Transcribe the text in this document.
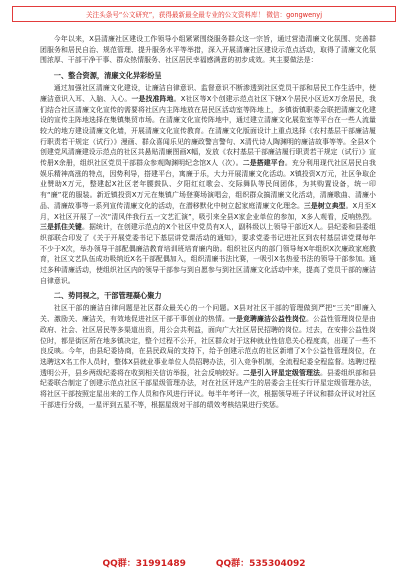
关注头条号“公文研究”，获得最新最全最专业的公文资料库！ 微信：gongwenyj

今年以来，X县清廉社区建设工作领导小组紧紧围绕服务群众这一宗旨，通过营造清廉文化氛围、完善群团服务和居民自治、规范管理、提升服务水平等举措，深入开展清廉社区建设示范点活动，取得了清廉文化氛围浓厚、干部干净干事、群众热情服务、社区居民幸福感满意的初步成效。其主要做法是：

一、整合资源，清廉文化异彩纷呈

通过加强社区清廉文化建设，让廉洁自律意识、监督意识不断渗透到社区党员干部和居民工作生活中，使廉洁意识入耳、入脑、入心。一是找准阵地。X社区等X个创建示范点社区下辖X个居民小区近X万余居民，我们结合社区清廉文化宣传的需要将社区内主阵地放在居民区活动室等阵地上，多镇街镇职委会联把清廉文化建设的宣传主阵地选择在集镇集贸市场。在清廉文化宣传阵地中，通过建立清廉文化展览室等平台在一些人流量较大的地方建设清廉文化墙，开展清廉文化宣传教育。在清廉文化版面设计上重点选择《农村基层干部廉洁履行职责若干规定（试行）》漫画、群众喜闻乐见的廉政警言警句、X清代诗人陶渊明的廉洁故事等等。全县X个创建党风清廉建设示范点的社区共悬贴清廉图画X幅，发放《农村基层干部廉洁履行职责若干规定（试行）》宣传册X余册，组织社区党员干部群众参观陶渊明纪念馆X人（次）。二是搭建平台。充分利用现代社区居民自我娱乐精神高涨的特点，因势利导，搭建平台，寓廉于乐，大力开展清廉文化活动。X镇投资X万元，社区争取企业赞助X万元，整建起X社区老年腰鼓队、夕阳红红歌会、交际舞队等民间团体，为其购置设备，统一印有“廉”花的服装。新近镇投资X万元在集镇广场登赛场演唱会，组织群众搞清廉文化活动，清廉歌曲、清廉小品、清廉故事等一系列宣传清廉文化的活动，在潜移默化中树立起家庭清廉文化理念。三是树立典型。X月至X月，X社区开展了一次“清风伴我行五一文艺汇演”，吸引来全县X家企业单位的参加，X多人观看，反响热烈。三是抓住关键。据统计，在创建示范点的X个社区中党员有X人，副科级以上领导干部近X人。县纪委和县委组织部联合印发了《关于开展党委书记下基层讲党课活动的通知》，要求党委书记进社区到农村基层讲党课每年不少于X次，举办领导干部配偶廉洁教育培训班培育廉内助。组织社区内的部门领导每X年组织X次廉政家庭教育，社区文艺队伍成功吸纳近X名干部配偶加入，组织清廉书法比赛，一吸引X名热爱书法的领导干部参加。通过多种清廉活动，使组织社区内的领导干部参与到自愿参与到社区清廉文化活动中来，提高了党员干部的廉洁自律意识。

二、势同视之，干部管理凝心聚力

社区干部的廉洁自律问题是社区群众最关心的一个问题。X县对社区干部的管理做到严把“三关”即廉入关、激励关、廉洁关，有效地促进社区干部干事创业的热情。一是竞聘廉洁公益性岗位。公益性管理岗位是由政府、社会、社区居民等多渠道出资，用公会共利益，面向广大社区居民招聘的岗位。过去，在安排公益性岗位时，都是街区所在地多镇决定，整个过程不公开，社区群众对于这种就业性信息关心程度高，出现了一些不良反映。今年，由县纪委协商，在县民政局的支持下，给予创建示范点的社区新增了X个公益性管理岗位，在选聘这X名工作人员时，整体X县就业事业单位人员招聘办法，引入竞争机制，全流程纪委全程监督。选聘过程透明公开，县乡两级纪委将在收到相关信访举报，社会反响较好。二是引入评星定级管理法。县委组织部和县纪委联合制定了创建示范点社区干部星级管理办法，对在社区评选产生的居委会主任实行评星定级管理办法，将社区干部按照定星出来的工作人员和作风进行评议。每半年考评一次，根据领导班子评议和群众评议对社区干部进行分级，一星评到五星不等，根据星级对干部的绩效考核结果进行奖惩。

QQ群：31991489	QQ群：535304092
